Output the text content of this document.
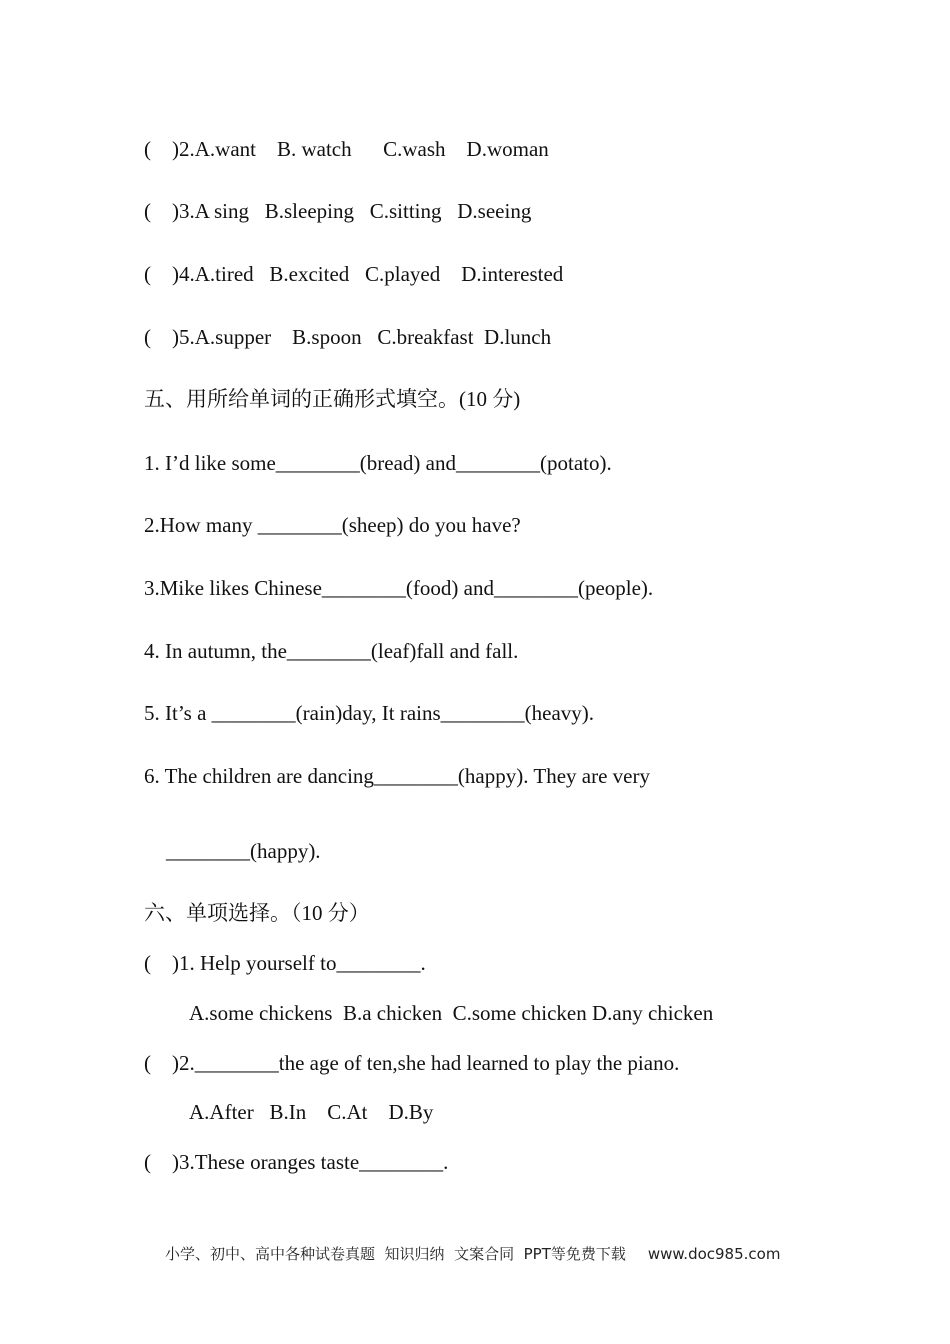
(    )2.A.want    B. watch      C.wash    D.woman
(    )3.A sing   B.sleeping   C.sitting   D.seeing
(    )4.A.tired   B.excited   C.played    D.interested
(    )5.A.supper    B.spoon   C.breakfast  D.lunch
五、用所给单词的正确形式填空。(10 分)
1. I’d like some________(bread) and________(potato).
2.How many ________(sheep) do you have?
3.Mike likes Chinese________(food) and________(people).
4. In autumn, the________(leaf)fall and fall.
5. It’s a ________(rain)day, It rains________(heavy).
6. The children are dancing________(happy). They are very
________(happy).
六、单项选择。（10 分）
(    )1. Help yourself to________.
A.some chickens  B.a chicken  C.some chicken D.any chicken
(    )2.________the age of ten,she had learned to play the piano.
A.After   B.In    C.At    D.By
(    )3.These oranges taste________.
小学、初中、高中各种试卷真题  知识归纳  文案合同  PPT等免费下载 www.doc985.com
